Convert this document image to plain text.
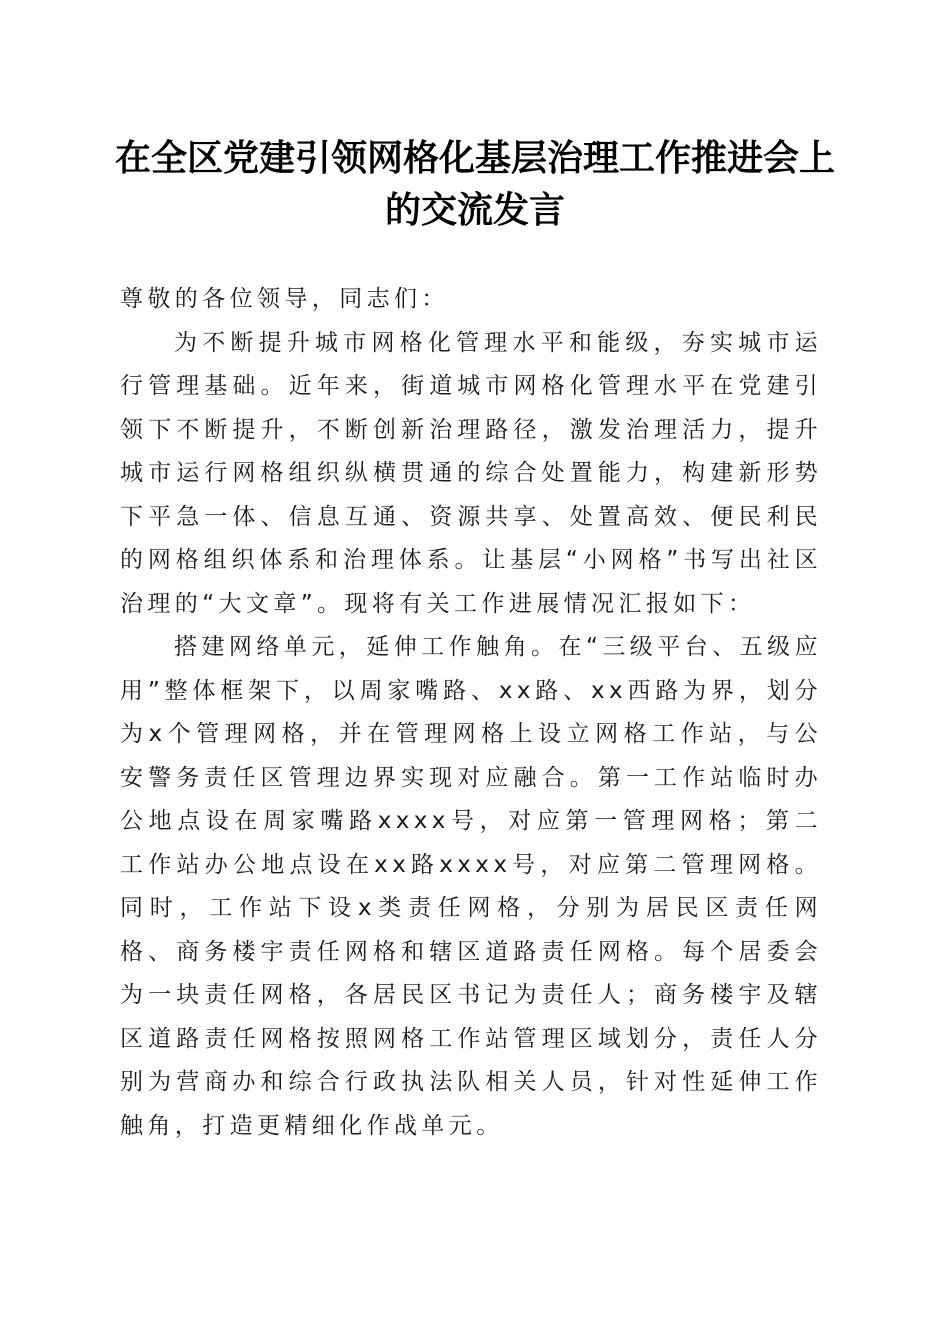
在全区党建引领网格化基层治理工作推进会上
的交流发言

尊敬的各位领导，同志们：

为不断提升城市网格化管理水平和能级，夯实城市运行管理基础。近年来，街道城市网格化管理水平在党建引领下不断提升，不断创新治理路径，激发治理活力，提升城市运行网格组织纵横贯通的综合处置能力，构建新形势下平急一体、信息互通、资源共享、处置高效、便民利民的网格组织体系和治理体系。让基层“小网格”书写出社区治理的“大文章”。现将有关工作进展情况汇报如下：

搭建网络单元，延伸工作触角。在“三级平台、五级应用”整体框架下，以周家嘴路、xx路、xx西路为界，划分为x个管理网格，并在管理网格上设立网格工作站，与公安警务责任区管理边界实现对应融合。第一工作站临时办公地点设在周家嘴路xxxx号，对应第一管理网格；第二工作站办公地点设在xx路xxxx号，对应第二管理网格。同时，工作站下设x类责任网格，分别为居民区责任网格、商务楼宇责任网格和辖区道路责任网格。每个居委会为一块责任网格，各居民区书记为责任人；商务楼宇及辖区道路责任网格按照网格工作站管理区域划分，责任人分别为营商办和综合行政执法队相关人员，针对性延伸工作触角，打造更精细化作战单元。
